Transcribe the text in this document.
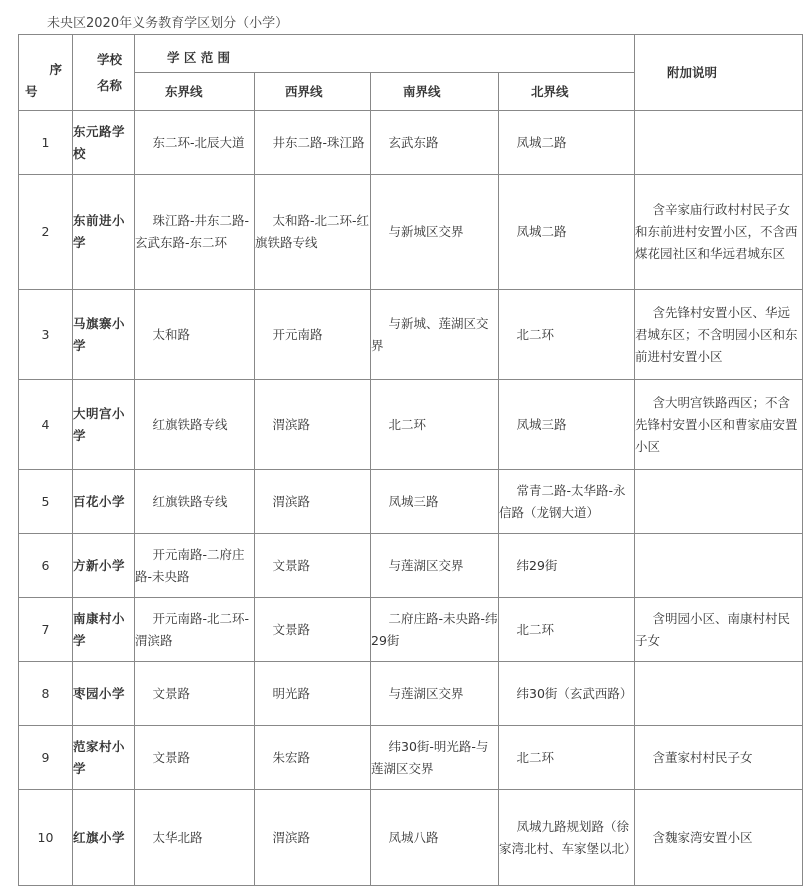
未央区2020年义务教育学区划分（小学）
序
号	学校名称	学 区 范 围				附加说明
		东界线	西界线	南界线	北界线	
1	东元路学校	东二环-北辰大道	井东二路-珠江路	玄武东路	凤城二路	
2	东前进小学	珠江路-井东二路-玄武东路-东二环	太和路-北二环-红旗铁路专线	与新城区交界	凤城二路	含辛家庙行政村村民子女和东前进村安置小区，不含西煤花园社区和华远君城东区
3	马旗寨小学	太和路	开元南路	与新城、莲湖区交界	北二环	含先锋村安置小区、华远君城东区；不含明园小区和东前进村安置小区
4	大明宫小学	红旗铁路专线	渭滨路	北二环	凤城三路	含大明宫铁路西区；不含先锋村安置小区和曹家庙安置小区
5	百花小学	红旗铁路专线	渭滨路	凤城三路	常青二路-太华路-永信路（龙钢大道）	
6	方新小学	开元南路-二府庄路-未央路	文景路	与莲湖区交界	纬29街	
7	南康村小学	开元南路-北二环-渭滨路	文景路	二府庄路-未央路-纬29街	北二环	含明园小区、南康村村民子女
8	枣园小学	文景路	明光路	与莲湖区交界	纬30街（玄武西路）	
9	范家村小学	文景路	朱宏路	纬30街-明光路-与莲湖区交界	北二环	含董家村村民子女
10	红旗小学	太华北路	渭滨路	凤城八路	凤城九路规划路（徐家湾北村、车家堡以北）	含魏家湾安置小区
